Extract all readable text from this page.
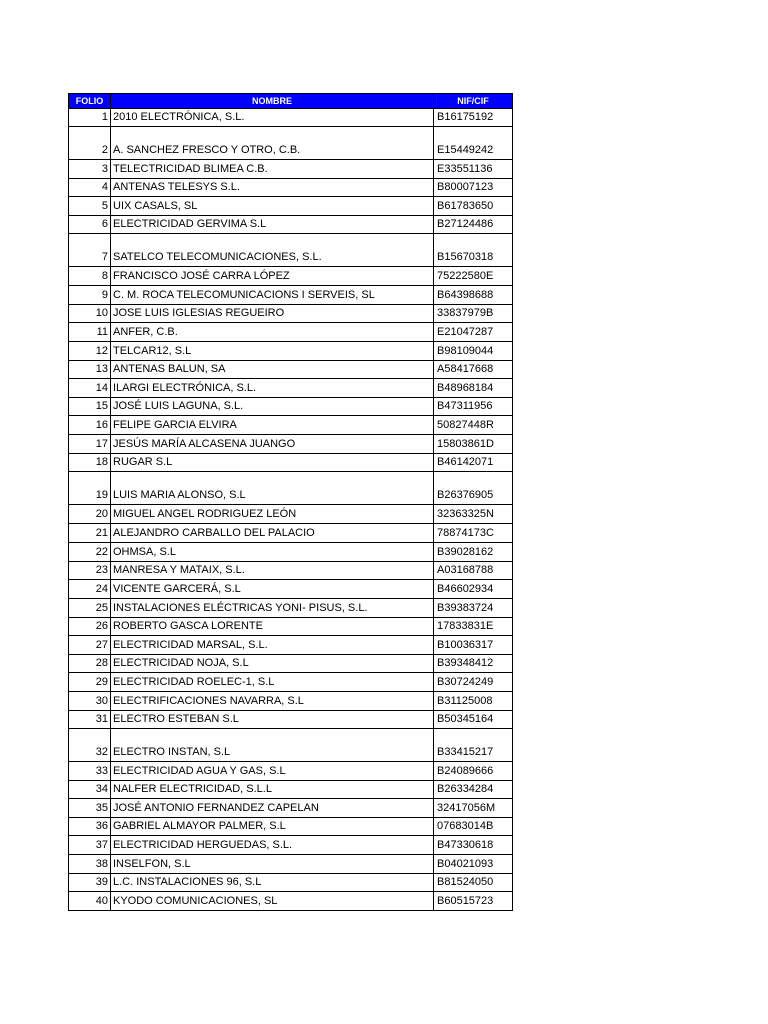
FOLIO	NOMBRE	NIF/CIF
1	2010 ELECTRÓNICA, S.L.	B16175192
2	A. SANCHEZ FRESCO Y OTRO, C.B.	E15449242
3	TELECTRICIDAD BLIMEA C.B.	E33551136
4	ANTENAS TELESYS S.L.	B80007123
5	UIX CASALS, SL	B61783650
6	ELECTRICIDAD GERVIMA S.L	B27124486
7	SATELCO TELECOMUNICACIONES, S.L.	B15670318
8	FRANCISCO JOSÉ CARRA LÓPEZ	75222580E
9	C. M. ROCA TELECOMUNICACIONS I SERVEIS, SL	B64398688
10	JOSE LUIS IGLESIAS REGUEIRO	33837979B
11	ANFER, C.B.	E21047287
12	TELCAR12, S.L	B98109044
13	ANTENAS BALUN, SA	A58417668
14	ILARGI ELECTRÓNICA, S.L.	B48968184
15	JOSÉ LUIS LAGUNA, S.L.	B47311956
16	FELIPE GARCIA ELVIRA	50827448R
17	JESÚS MARÍA ALCASENA JUANGO	15803861D
18	RUGAR S.L	B46142071
19	LUIS MARIA ALONSO, S.L	B26376905
20	MIGUEL ANGEL RODRIGUEZ LEÓN	32363325N
21	ALEJANDRO CARBALLO DEL PALACIO	78874173C
22	OHMSA, S.L	B39028162
23	MANRESA Y MATAIX, S.L.	A03168788
24	VICENTE GARCERÁ, S.L	B46602934
25	INSTALACIONES ELÉCTRICAS YONI- PISUS, S.L.	B39383724
26	ROBERTO GASCA LORENTE	17833831E
27	ELECTRICIDAD MARSAL, S.L.	B10036317
28	ELECTRICIDAD NOJA, S.L	B39348412
29	ELECTRICIDAD ROELEC-1, S.L	B30724249
30	ELECTRIFICACIONES NAVARRA, S.L	B31125008
31	ELECTRO ESTEBAN S.L	B50345164
32	ELECTRO INSTAN, S.L	B33415217
33	ELECTRICIDAD AGUA Y GAS, S.L	B24089666
34	NALFER ELECTRICIDAD, S.L.L	B26334284
35	JOSÉ ANTONIO FERNANDEZ CAPELAN	32417056M
36	GABRIEL ALMAYOR PALMER, S.L	07683014B
37	ELECTRICIDAD HERGUEDAS, S.L.	B47330618
38	INSELFON, S.L	B04021093
39	L.C. INSTALACIONES 96, S.L	B81524050
40	KYODO COMUNICACIONES, SL	B60515723
